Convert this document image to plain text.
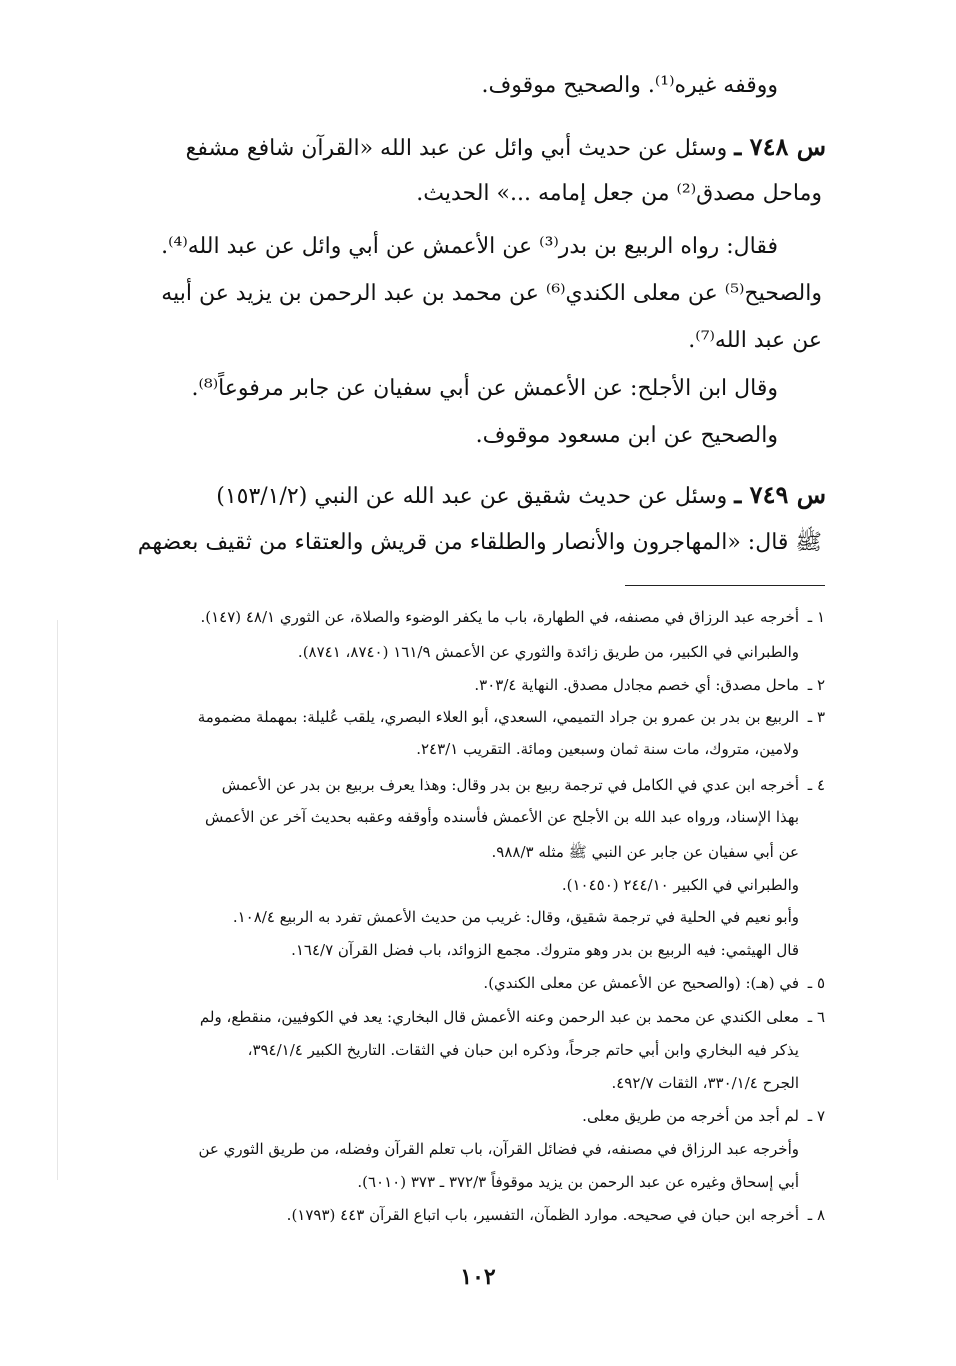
ووقفه غيره⁽¹⁾. والصحيح موقوف.
س ٧٤٨ ـ وسئل عن حديث أبي وائل عن عبد الله «القرآن شافع مشفع
وماحل مصدق⁽²⁾ من جعل إمامه ...» الحديث.
فقال: رواه الربيع بن بدر⁽³⁾ عن الأعمش عن أبي وائل عن عبد الله⁽⁴⁾.
والصحيح⁽⁵⁾ عن معلى الكندي⁽⁶⁾ عن محمد بن عبد الرحمن بن يزيد عن أبيه
عن عبد الله⁽⁷⁾.
وقال ابن الأجلح: عن الأعمش عن أبي سفيان عن جابر مرفوعاً⁽⁸⁾.
والصحيح عن ابن مسعود موقوف.
س ٧٤٩ ـ وسئل عن حديث شقيق عن عبد الله عن النبي (١٥٣/١/٢)
ﷺ قال: «المهاجرون والأنصار والطلقاء من قريش والعتقاء من ثقيف بعضهم
١ ـ
أخرجه عبد الرزاق في مصنفه، في الطهارة، باب ما يكفر الوضوء والصلاة، عن الثوري ٤٨/١ (١٤٧).
والطبراني في الكبير، من طريق زائدة والثوري عن الأعمش ١٦١/٩ (٨٧٤٠، ٨٧٤١).
٢ ـ
ماحل مصدق: أي خصم مجادل مصدق. النهاية ٣٠٣/٤.
٣ ـ
الربيع بن بدر بن عمرو بن جراد التميمي، السعدي، أبو العلاء البصري، يلقب عُليلة: بمهملة مضمومة
ولامين، متروك، مات سنة ثمان وسبعين ومائة. التقريب ٢٤٣/١.
٤ ـ
أخرجه ابن عدي في الكامل في ترجمة ربيع بن بدر وقال: وهذا يعرف بربيع بن بدر عن الأعمش
بهذا الإسناد، ورواه عبد الله بن الأجلح عن الأعمش فأسنده وأوقفه وعقبه بحديث آخر عن الأعمش
عن أبي سفيان عن جابر عن النبي ﷺ مثله ٩٨٨/٣.
والطبراني في الكبير ٢٤٤/١٠ (١٠٤٥٠).
وأبو نعيم في الحلية في ترجمة شقيق، وقال: غريب من حديث الأعمش تفرد به الربيع ١٠٨/٤.
قال الهيثمي: فيه الربيع بن بدر وهو متروك. مجمع الزوائد، باب فضل القرآن ١٦٤/٧.
٥ ـ
في (هـ): (والصحيح عن الأعمش عن معلى الكندي).
٦ ـ
معلى الكندي عن محمد بن عبد الرحمن وعنه الأعمش قال البخاري: يعد في الكوفيين، منقطع، ولم
يذكر فيه البخاري وابن أبي حاتم جرحاً، وذكره ابن حبان في الثقات. التاريخ الكبير ٣٩٤/١/٤،
الجرح ٣٣٠/١/٤، الثقات ٤٩٢/٧.
٧ ـ
لم أجد من أخرجه من طريق معلى.
وأخرجه عبد الرزاق في مصنفه، في فضائل القرآن، باب تعلم القرآن وفضله، من طريق الثوري عن
أبي إسحاق وغيره عن عبد الرحمن بن يزيد موقوفاً ٣٧٢/٣ ـ ٣٧٣ (٦٠١٠).
٨ ـ
أخرجه ابن حبان في صحيحه. موارد الظمآن، التفسير، باب اتباع القرآن ٤٤٣ (١٧٩٣).
١٠٢
